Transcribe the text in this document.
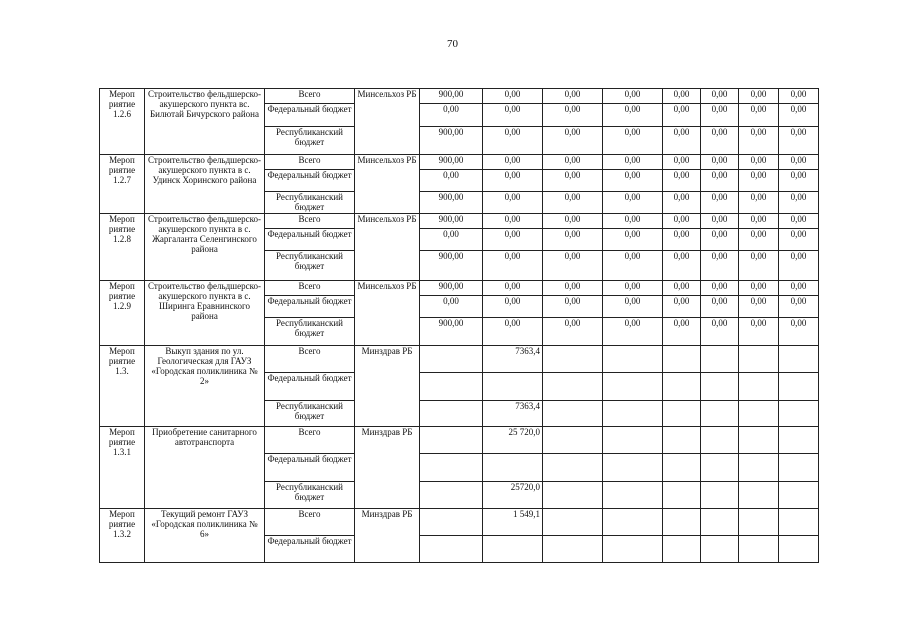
70
Мероп риятие 1.2.6	Строительство фельдшерско-акушерского пункта вс. Билютай Бичурского района	Всего	Минсельхоз РБ	900,00	0,00	0,00	0,00	0,00	0,00	0,00	0,00
		Федеральный бюджет		0,00	0,00	0,00	0,00	0,00	0,00	0,00	0,00
		Республиканский бюджет		900,00	0,00	0,00	0,00	0,00	0,00	0,00	0,00
Мероп риятие 1.2.7	Строительство фельдшерско-акушерского пункта в с. Удинск Хоринского района	Всего	Минсельхоз РБ	900,00	0,00	0,00	0,00	0,00	0,00	0,00	0,00
		Федеральный бюджет		0,00	0,00	0,00	0,00	0,00	0,00	0,00	0,00
		Республиканский бюджет		900,00	0,00	0,00	0,00	0,00	0,00	0,00	0,00
Мероп риятие 1.2.8	Строительство фельдшерско-акушерского пункта в с. Жаргаланта Селенгинского района	Всего	Минсельхоз РБ	900,00	0,00	0,00	0,00	0,00	0,00	0,00	0,00
		Федеральный бюджет		0,00	0,00	0,00	0,00	0,00	0,00	0,00	0,00
		Республиканский бюджет		900,00	0,00	0,00	0,00	0,00	0,00	0,00	0,00
Мероп риятие 1.2.9	Строительство фельдшерско-акушерского пункта в с. Ширинга Еравнинского района	Всего	Минсельхоз РБ	900,00	0,00	0,00	0,00	0,00	0,00	0,00	0,00
		Федеральный бюджет		0,00	0,00	0,00	0,00	0,00	0,00	0,00	0,00
		Республиканский бюджет		900,00	0,00	0,00	0,00	0,00	0,00	0,00	0,00
Мероп риятие 1.3.	Выкуп здания по ул. Геологическая для ГАУЗ «Городская поликлиника № 2»	Всего	Минздрав РБ		7363,4						
		Федеральный бюджет									
		Республиканский бюджет			7363,4						
Мероп риятие 1.3.1	Приобретение санитарного автотранспорта	Всего	Минздрав РБ		25 720,0						
		Федеральный бюджет									
		Республиканский бюджет			25720,0						
Мероп риятие 1.3.2	Текущий ремонт ГАУЗ «Городская поликлиника № 6»	Всего	Минздрав РБ		1 549,1						
		Федеральный бюджет									
